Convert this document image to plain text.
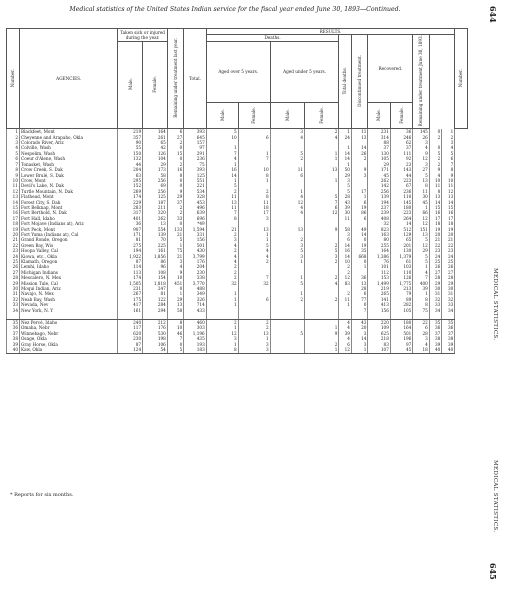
Medical statistics of the United States Indian service for the fiscal year ended June 30, 1893—Continued.	644
645
MEDICAL STATISTICS.
MEDICAL STATISTICS.
Number.	AGENCIES.	Taken sick or injured during the year.		Remaining under treatment last year.	Total.	RESULTS.											Number.
						Deaths.				Total deaths.	Discontinued treatment.	Recovered.		Remaining under treatment June 30, 1893.			
		Male.	Female.			Aged over 5 years.		Aged under 5 years.									
						Male.	Female.	Male.	Female.			Male.	Female.				
1	Blackfeet, Mont	219	164	6	393	5		3	2	1	11	231	36	145	0	1	
2	Cheyenne and Arapaho, Okla	357	261	27	645	10	6	4	4	24	13	314	246	26	2	2	
3	Colorado River, Ariz	90	65	2	157							88	62	3		3	
4	Colville, Wash	55	42	0	97	1				1	14	37	37	4	0	4	
5	Nespelim, Wash	150	126	15	291	7	1	5	1	14	26	130	111	9	5	5	
6	Coeur d'Alene, Wash	132	104	0	236	4	7	2	1	14	2	105	92	12	2	6	
7	Tonasket, Wash	44	29	2	75	1				1		29	23	3	2	7	
8	Crow Creek, S. Dak	204	173	16	393	16	10	11	13	50	9	171	143	27	9	8	
9	Lower Brulé, S. Dak	63	58	8	125	14	8	6		29	3	45	44	5	4	9	
10	Crow, Mont	295	256	0	551	1	1		1	3		262	223	13	10	10	
11	Devil's Lake, N. Dak	152	69	0	221	5				5		142	67	8	11	11	
12	Turtle Mountain, N. Dak	269	256	9	534	2	2	1		5	17	256	236	11	8	12	
13	Flathead, Mont	174	125	29	328	11	8	4	5	28	1	139	110	30	13	13	
14	Forest City, S. Dak	229	187	37	453	13	11	12	7	43	6	194	145	45	14	14	
15	Fort Belknap, Mont	283	211	2	496	11	18	4	6	39	19	237	180	1	15	15	
16	Fort Berthold, N. Dak	317	320	2	639	7	17	4	12	30	86	239	223	66	16	16	
17	Fort Hall, Idaho	401	262	33	696	8	3			11	6	408	264	12	17	17	
18	Fort Mojave (Indians at), Ariz	36	13	0	*49							32	14	12	18	18	
19	Fort Peck, Mont	907	554	133	1,594	21	13	13	9	58	49	823	512	151	19	19	
20	Fort Yuma (Indians at), Cal	171	139	21	331	2	1			3	14	163	129	13	20	20	
21	Grand Ronde, Oregon	81	70	5	156	3	1	2		6	0	80	65	5	21	21	
22	Green Bay, Wis	275	225	1	501	4	5	3	2	14	19	255	201	12	22	22	
23	Hoopa Valley, Cal	194	161	75	430	2	4	5	5	16	35	164	130	29	23	23	
24	Kiowa, etc., Okla	1,922	1,856	21	3,799	4	4	3	3	14	668	1,386	1,379	5	24	24	
25	Klamath, Oregon	87	86	3	176	4	2	1	2	10	0	76	61	5	25	25	
26	Lemhi, Idaho	114	96	4	204	2				2	1	101	103	1	26	26	
27	Michigan Indians	113	108	9	230	2				2		112	110	4	27	27	
28	Mescalero, N. Mex	174	154	10	338	2	7	1	2	12	36	153	126	7	28	28	
29	Mission Tule, Cal	1,505	1,818	451	3,770	32	32	5	4	83	13	1,499	1,775	400	29	29	
30	Moqui Indian, Ariz	231	247	0	488						28	219	213	39	30	30	
31	Navajo, N. Mex	267	81	1	349	1		1		2	6	265	79	1	31	31	
32	Neah Bay, Wash	175	122	29	326	1	6	2	2	11	77	141	89	8	32	32	
33	Nevada, Nev	417	284	13	714	1				1	0	413	282	8	33	33	
34	New York, N. Y	161	294	58	433						7	156	105	75	34	34	

35	Nez Percé, Idaho	240	212	8	460	2	2			4	43	220	180	22	35	35	
36	Omaha, Nebr	117	176	10	303	1	2		1	4	20	109	164	6	36	36	
37	Winnebago, Nebr	620	530	46	1,196	12	13	5	9	39	3	625	501	28	37	37	
38	Osage, Okla	230	198	7	435	3	1			4	14	218	196	3	38	38	
39	Gray Horse, Okla	87	106	0	193	1	3		2	6	3	83	97	4	39	39	
40	Kaw, Okla	124	54	5	183	8	3		1	12	1	107	45	18	40	40	
* Reports for six months.
